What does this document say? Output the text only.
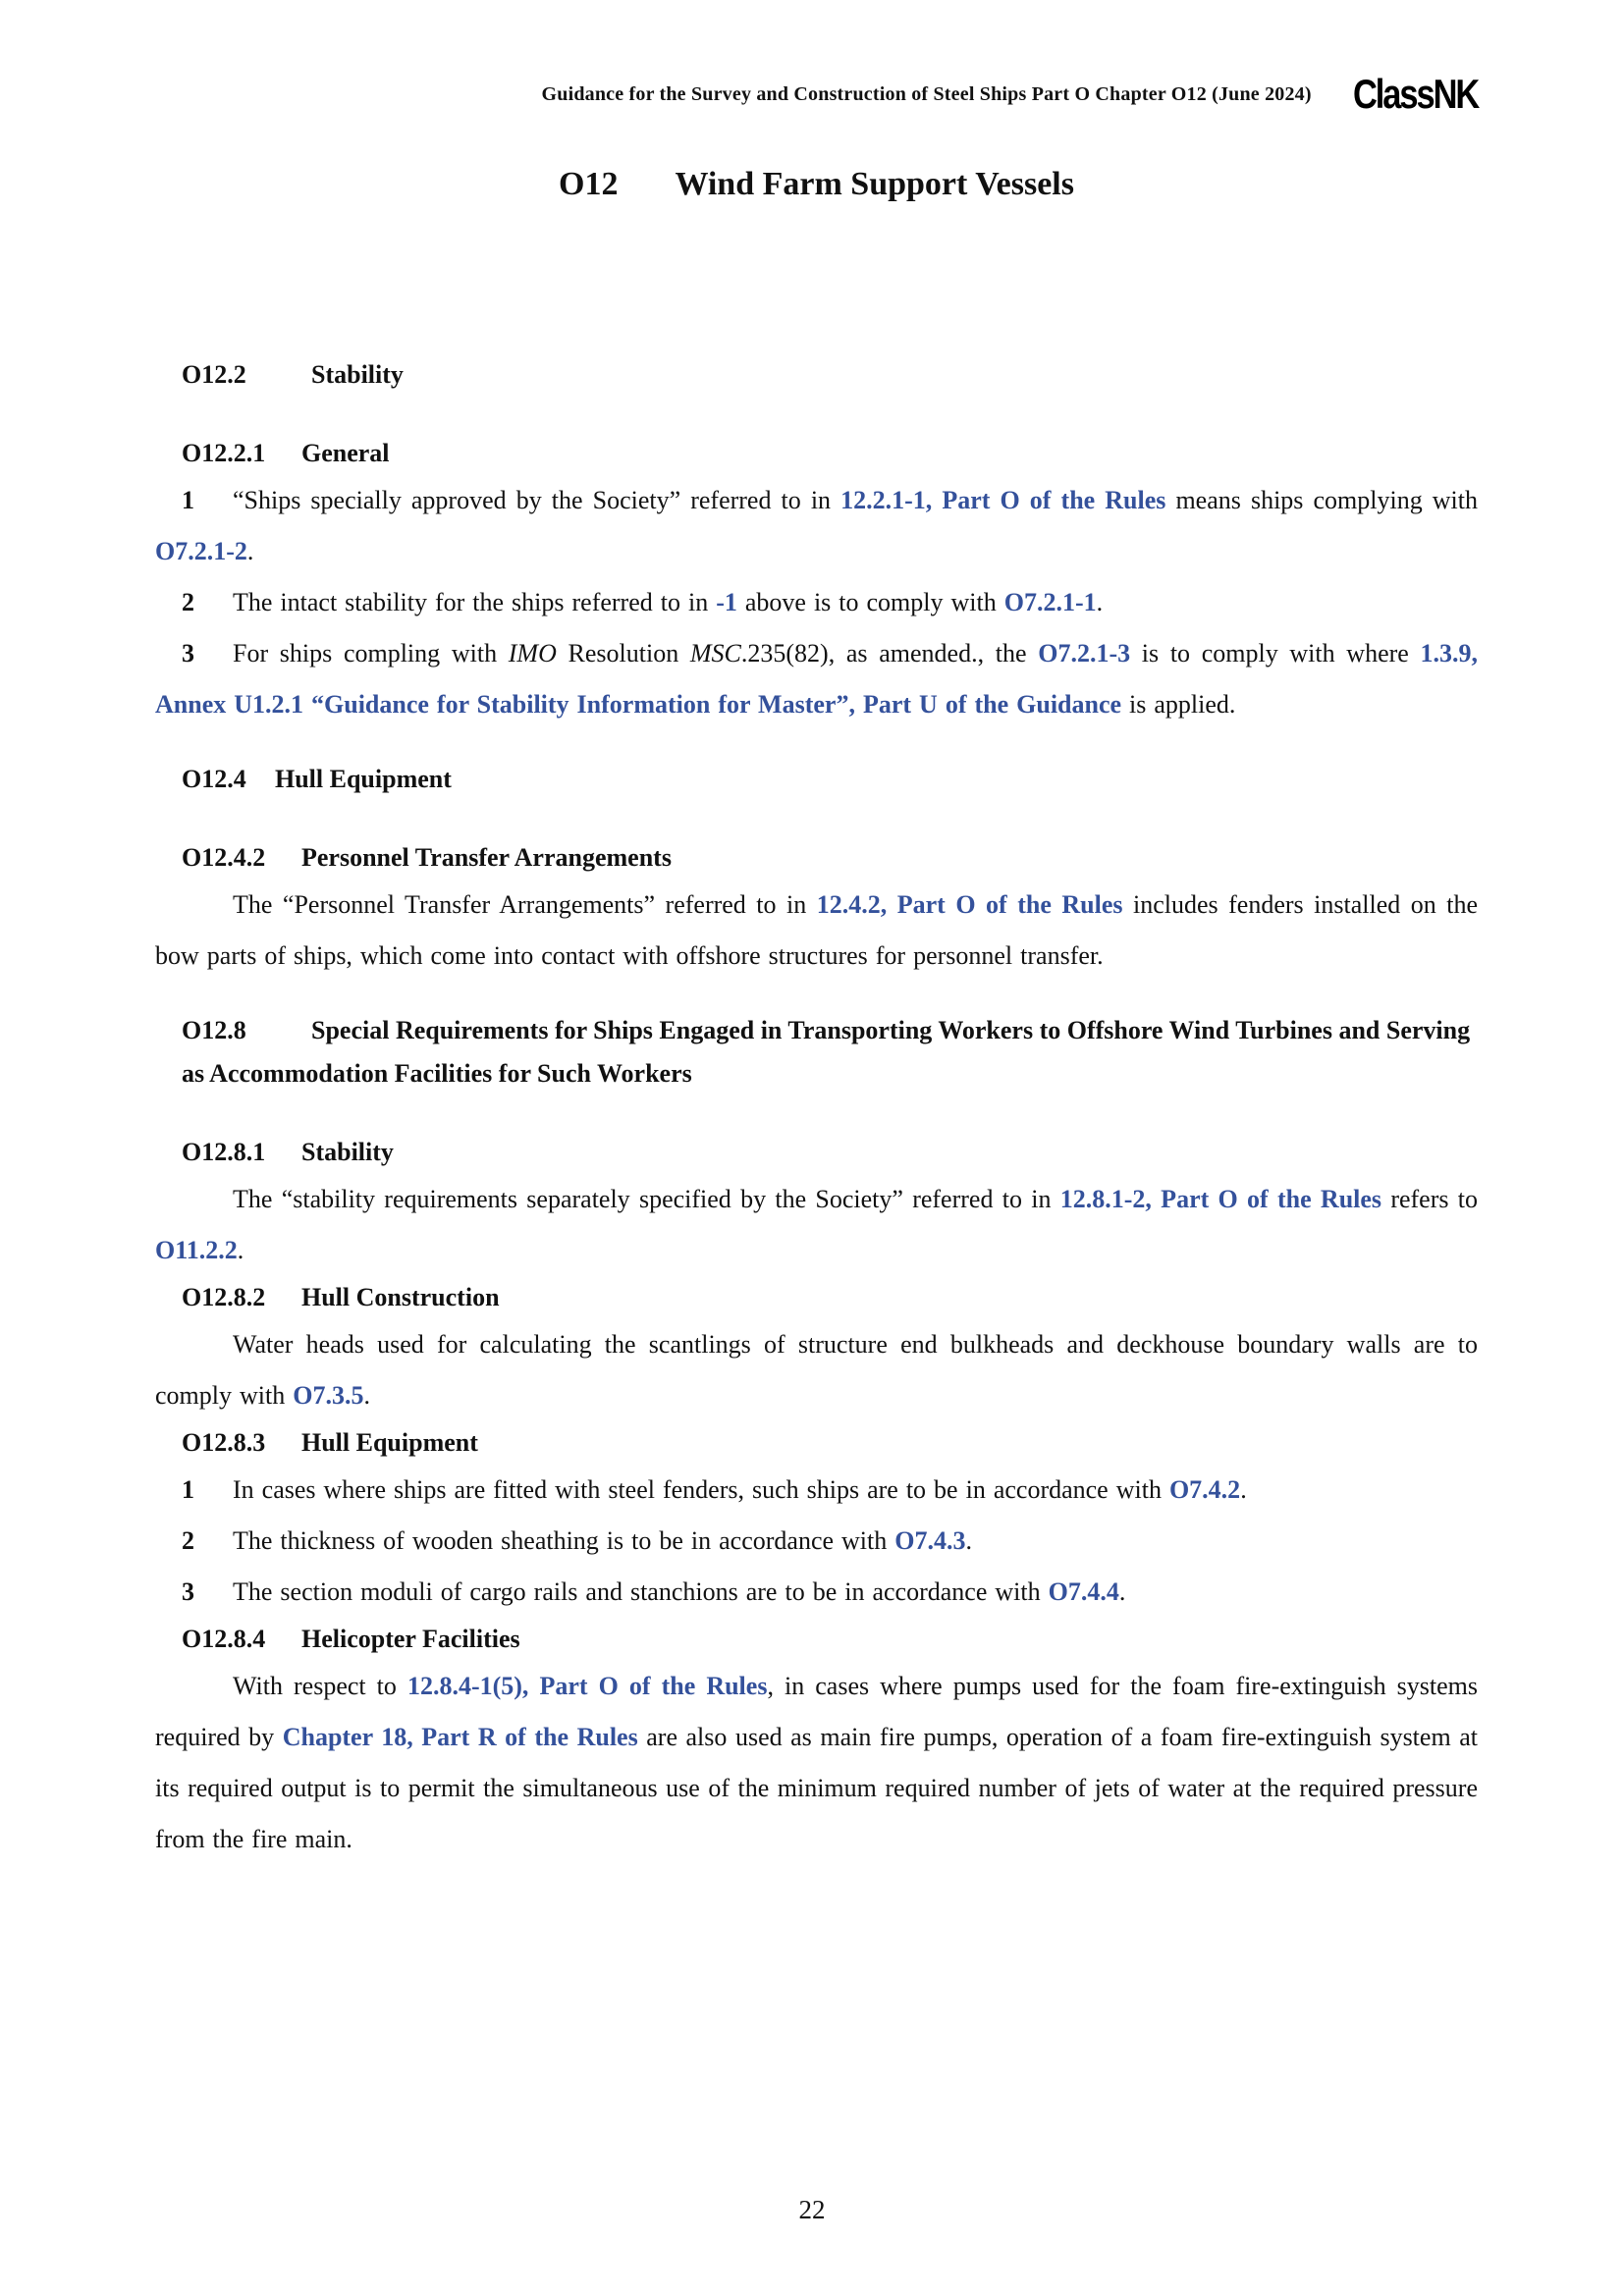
Guidance for the Survey and Construction of Steel Ships Part O Chapter O12 (June 2024) ClassNK
O12 Wind Farm Support Vessels
O12.2	Stability
O12.2.1 General

1 “Ships specially approved by the Society” referred to in 12.2.1-1, Part O of the Rules means ships complying with O7.2.1-2.

2 The intact stability for the ships referred to in -1 above is to comply with O7.2.1-1.

3 For ships compling with IMO Resolution MSC.235(82), as amended., the O7.2.1-3 is to comply with where 1.3.9, Annex U1.2.1 “Guidance for Stability Information for Master”, Part U of the Guidance is applied.

O12.4 Hull Equipment
O12.4.2 Personnel Transfer Arrangements

The “Personnel Transfer Arrangements” referred to in 12.4.2, Part O of the Rules includes fenders installed on the bow parts of ships, which come into contact with offshore structures for personnel transfer.

O12.8	Special Requirements for Ships Engaged in Transporting Workers to Offshore Wind Turbines and Serving as Accommodation Facilities for Such Workers
O12.8.1 Stability

The “stability requirements separately specified by the Society” referred to in 12.8.1-2, Part O of the Rules refers to O11.2.2.

O12.8.2 Hull Construction

Water heads used for calculating the scantlings of structure end bulkheads and deckhouse boundary walls are to comply with O7.3.5.

O12.8.3 Hull Equipment

1 In cases where ships are fitted with steel fenders, such ships are to be in accordance with O7.4.2.

2 The thickness of wooden sheathing is to be in accordance with O7.4.3.

3 The section moduli of cargo rails and stanchions are to be in accordance with O7.4.4.

O12.8.4 Helicopter Facilities

With respect to 12.8.4-1(5), Part O of the Rules, in cases where pumps used for the foam fire-extinguish systems required by Chapter 18, Part R of the Rules are also used as main fire pumps, operation of a foam fire-extinguish system at its required output is to permit the simultaneous use of the minimum required number of jets of water at the required pressure from the fire main.

22
